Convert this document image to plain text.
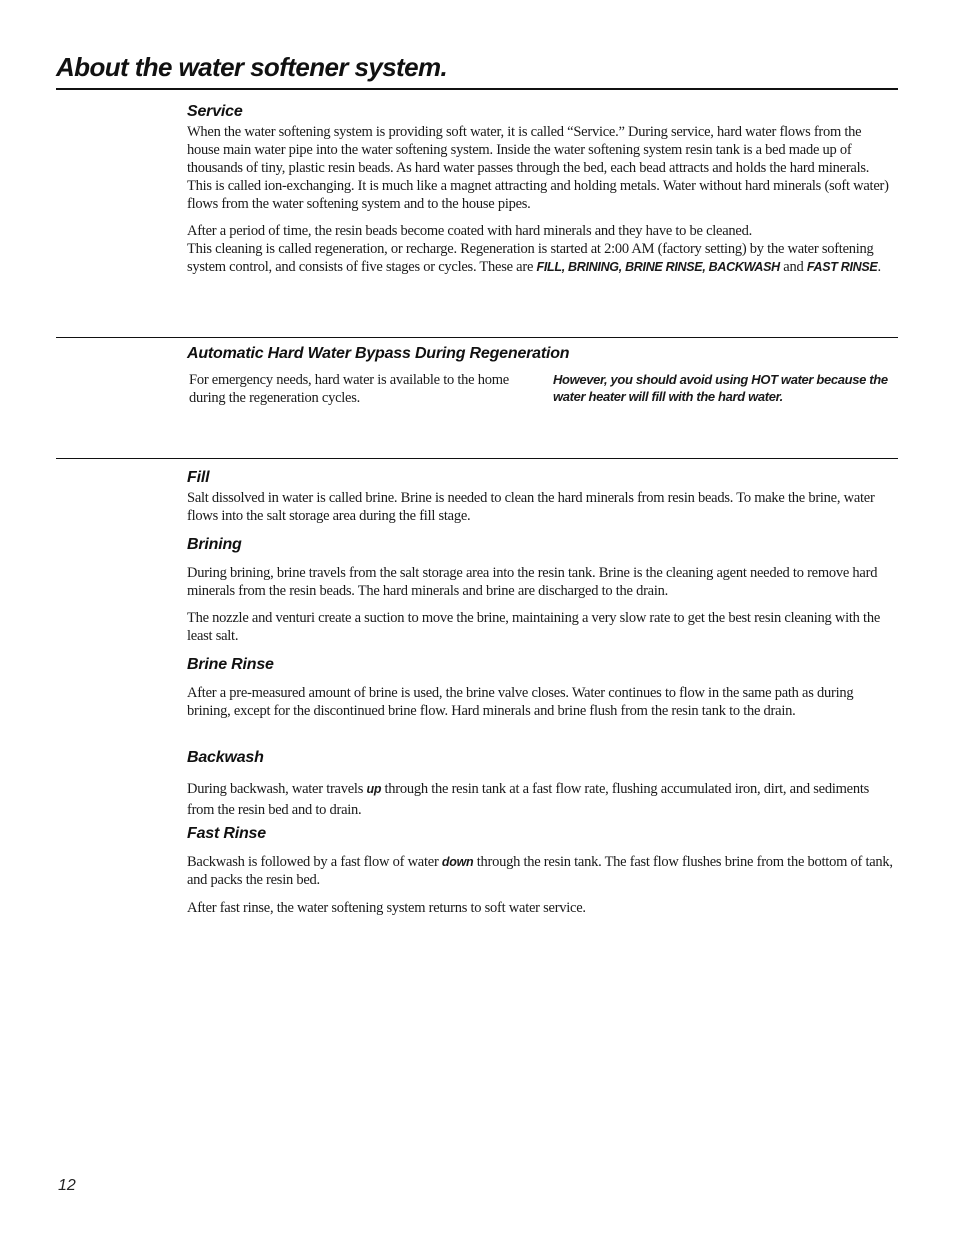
About the water softener system.
Service

When the water softening system is providing soft water, it is called “Service.” During service, hard water flows from the house main water pipe into the water softening system. Inside the water softening system resin tank is a bed made up of thousands of tiny, plastic resin beads. As hard water passes through the bed, each bead attracts and holds the hard minerals. This is called ion-exchanging. It is much like a magnet attracting and holding metals. Water without hard minerals (soft water) flows from the water softening system and to the house pipes.

After a period of time, the resin beads become coated with hard minerals and they have to be cleaned.
This cleaning is called regeneration, or recharge. Regeneration is started at 2:00 AM (factory setting) by the water softening system control, and consists of five stages or cycles. These are FILL, BRINING, BRINE RINSE, BACKWASH and FAST RINSE.

Automatic Hard Water Bypass During Regeneration

For emergency needs, hard water is available to the home during the regeneration cycles.

However, you should avoid using HOT water because the water heater will fill with the hard water.
Fill

Salt dissolved in water is called brine. Brine is needed to clean the hard minerals from resin beads. To make the brine, water flows into the salt storage area during the fill stage.

Brining

During brining, brine travels from the salt storage area into the resin tank. Brine is the cleaning agent needed to remove hard minerals from the resin beads. The hard minerals and brine are discharged to the drain.

The nozzle and venturi create a suction to move the brine, maintaining a very slow rate to get the best resin cleaning with the least salt.

Brine Rinse

After a pre-measured amount of brine is used, the brine valve closes. Water continues to flow in the same path as during brining, except for the discontinued brine flow. Hard minerals and brine flush from the resin tank to the drain.

Backwash

During backwash, water travels up through the resin tank at a fast flow rate, flushing accumulated iron, dirt, and sediments from the resin bed and to drain.

Fast Rinse

Backwash is followed by a fast flow of water down through the resin tank. The fast flow flushes brine from the bottom of tank, and packs the resin bed.

After fast rinse, the water softening system returns to soft water service.

12
